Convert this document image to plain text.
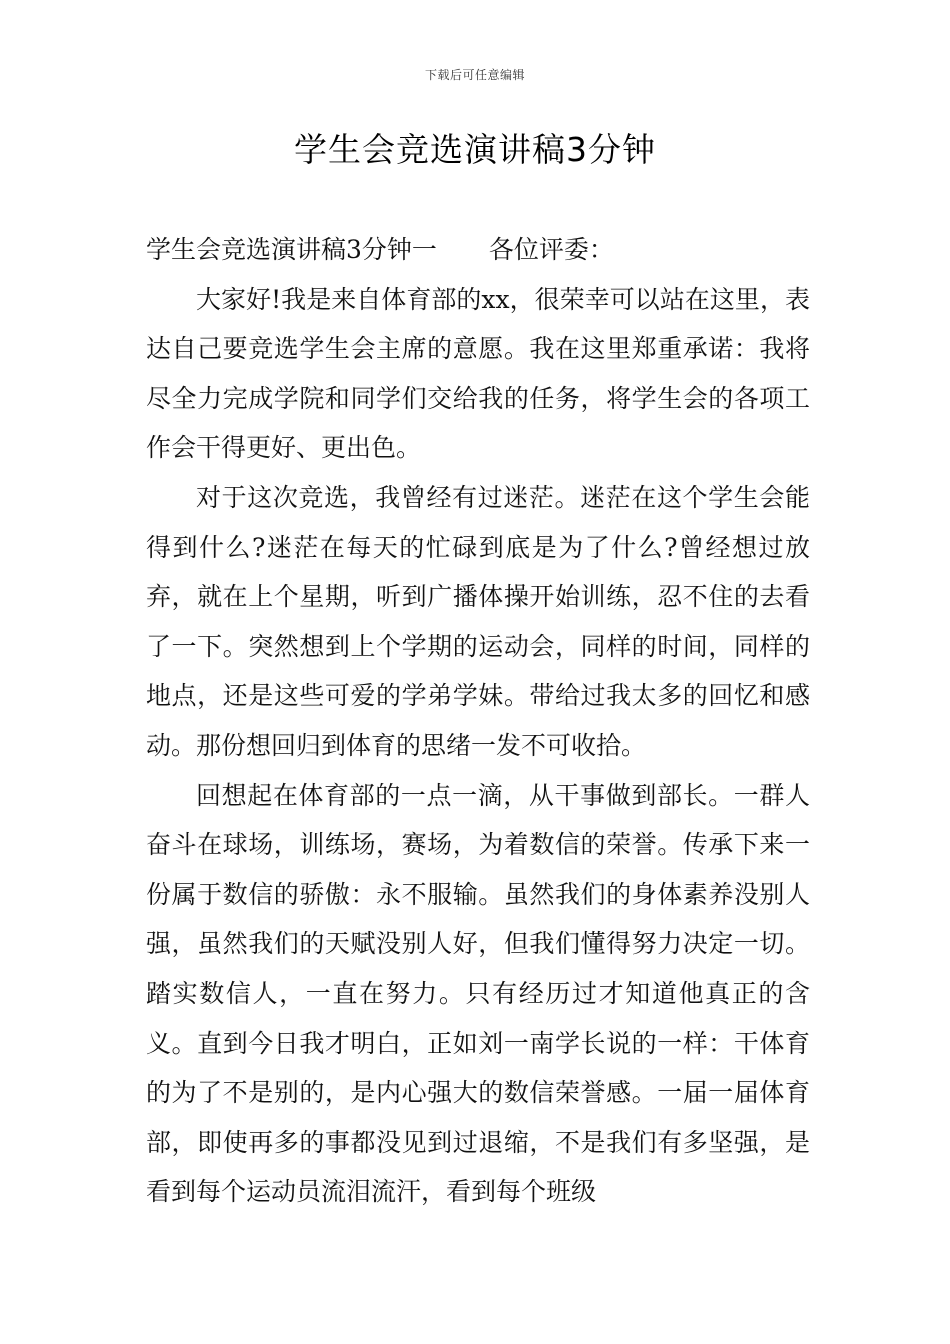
下载后可任意编辑
学生会竞选演讲稿3分钟

学生会竞选演讲稿3分钟一 各位评委：

大家好!我是来自体育部的xx，很荣幸可以站在这里，表达自己要竞选学生会主席的意愿。我在这里郑重承诺：我将尽全力完成学院和同学们交给我的任务，将学生会的各项工作会干得更好、更出色。

对于这次竞选，我曾经有过迷茫。迷茫在这个学生会能得到什么?迷茫在每天的忙碌到底是为了什么?曾经想过放弃，就在上个星期，听到广播体操开始训练，忍不住的去看了一下。突然想到上个学期的运动会，同样的时间，同样的地点，还是这些可爱的学弟学妹。带给过我太多的回忆和感动。那份想回归到体育的思绪一发不可收拾。

回想起在体育部的一点一滴，从干事做到部长。一群人奋斗在球场，训练场，赛场，为着数信的荣誉。传承下来一份属于数信的骄傲：永不服输。虽然我们的身体素养没别人强，虽然我们的天赋没别人好，但我们懂得努力决定一切。踏实数信人，一直在努力。只有经历过才知道他真正的含义。直到今日我才明白，正如刘一南学长说的一样：干体育的为了不是别的，是内心强大的数信荣誉感。一届一届体育部，即使再多的事都没见到过退缩，不是我们有多坚强，是看到每个运动员流泪流汗，看到每个班级
